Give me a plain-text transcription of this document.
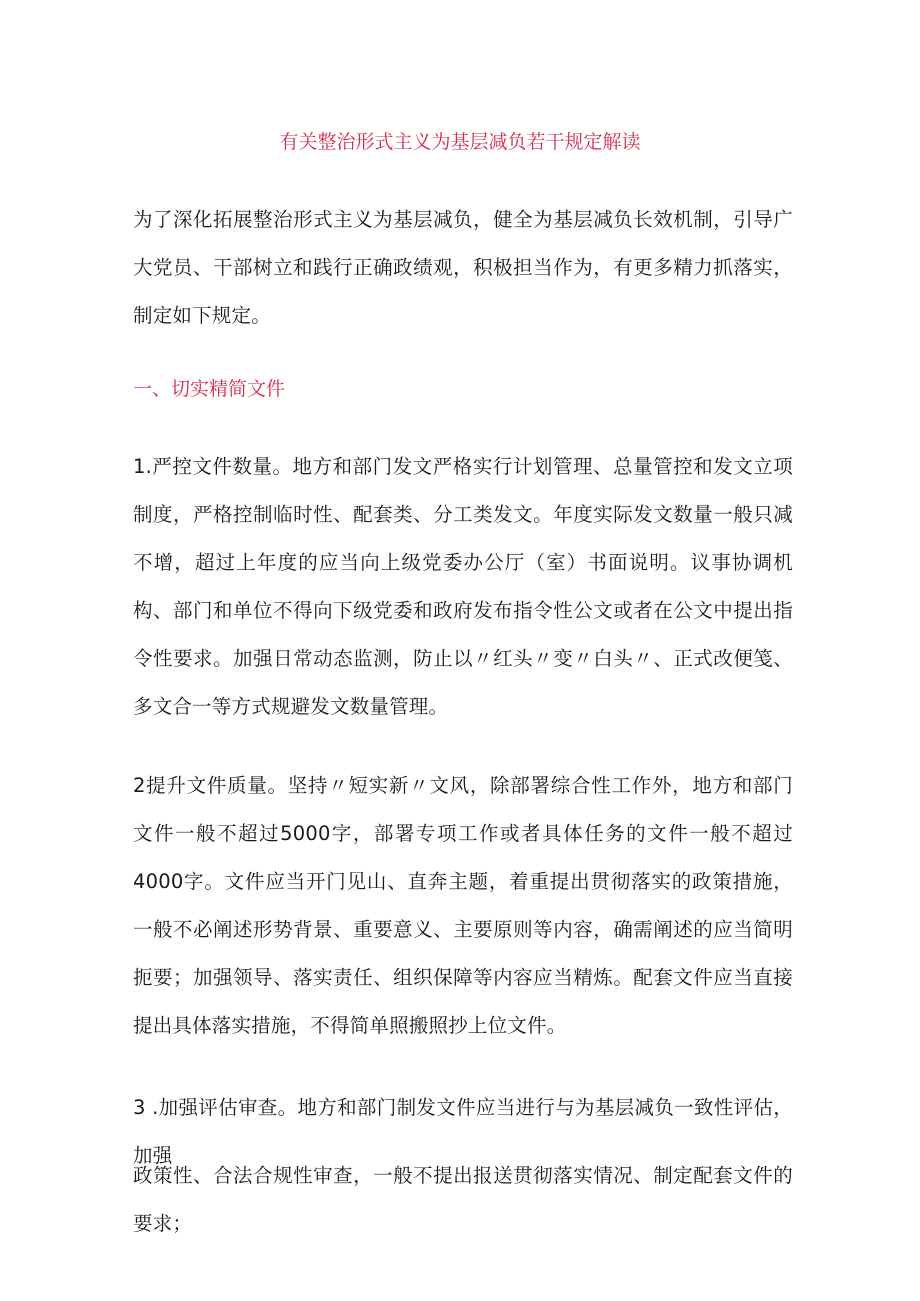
有关整治形式主义为基层减负若干规定解读

为了深化拓展整治形式主义为基层减负，健全为基层减负长效机制，引导广大党员、干部树立和践行正确政绩观，积极担当作为，有更多精力抓落实，制定如下规定。

一、切实精简文件

1.严控文件数量。地方和部门发文严格实行计划管理、总量管控和发文立项制度，严格控制临时性、配套类、分工类发文。年度实际发文数量一般只减不增，超过上年度的应当向上级党委办公厅（室）书面说明。议事协调机构、部门和单位不得向下级党委和政府发布指令性公文或者在公文中提出指令性要求。加强日常动态监测，防止以〃红头〃变〃白头〃、正式改便笺、多文合一等方式规避发文数量管理。

2提升文件质量。坚持〃短实新〃文风，除部署综合性工作外，地方和部门文件一般不超过5000字，部署专项工作或者具体任务的文件一般不超过4000字。文件应当开门见山、直奔主题，着重提出贯彻落实的政策措施，一般不必阐述形势背景、重要意义、主要原则等内容，确需阐述的应当简明扼要；加强领导、落实责任、组织保障等内容应当精炼。配套文件应当直接提出具体落实措施，不得简单照搬照抄上位文件。

3 .加强评估审查。地方和部门制发文件应当进行与为基层减负一致性评估，加强

政策性、合法合规性审查，一般不提出报送贯彻落实情况、制定配套文件的要求；
